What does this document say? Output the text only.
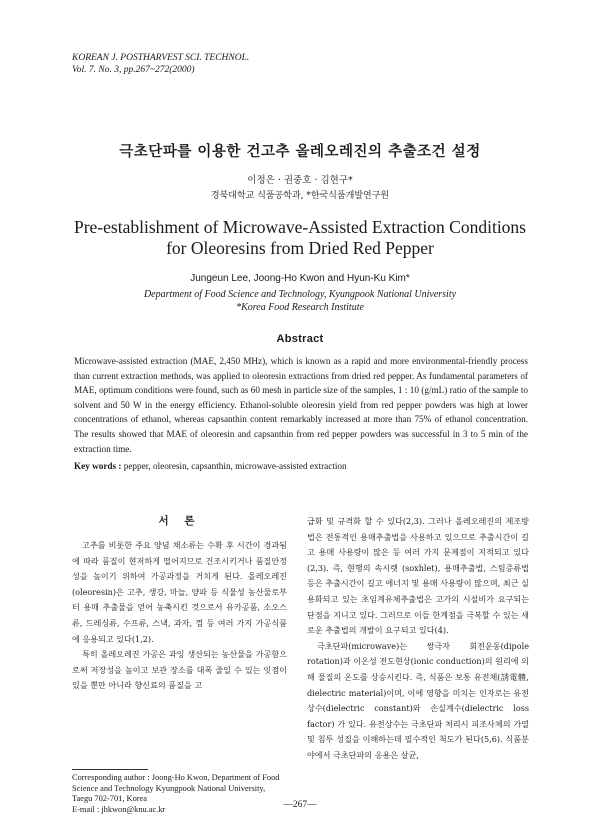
KOREAN J. POSTHARVEST SCI. TECHNOL.
Vol. 7. No. 3, pp.267~272(2000)
극초단파를 이용한 건고추 올레오레진의 추출조건 설정
이정은 · 권중호 · 김현구*
경북대학교 식품공학과, *한국식품개발연구원
Pre-establishment of Microwave-Assisted Extraction Conditions
for Oleoresins from Dried Red Pepper
Jungeun Lee, Joong-Ho Kwon and Hyun-Ku Kim*
Department of Food Science and Technology, Kyungpook National University
*Korea Food Research Institute
Abstract
Microwave-assisted extraction (MAE, 2,450 MHz), which is known as a rapid and more environmental-friendly process than current extraction methods, was applied to oleoresin extractions from dried red pepper. As fundamental parameters of MAE, optimum conditions were found, such as 60 mesh in particle size of the samples, 1 : 10 (g/mL) ratio of the sample to solvent and 50 W in the energy efficiency. Ethanol-soluble oleoresin yield from red pepper powders was high at lower concentrations of ethanol, whereas capsanthin content remarkably increased at more than 75% of ethanol concentration. The results showed that MAE of oleoresin and capsanthin from red pepper powders was successful in 3 to 5 min of the extraction time.
Key words : pepper, oleoresin, capsanthin, microwave-assisted extraction
서 론

고추를 비롯한 주요 양념 채소류는 수확 후 시간이 경과됨에 따라 품질이 현저하게 떨어지므로 건조시키거나 품질안정성을 높이기 위하여 가공과정을 거치게 된다. 올레오레진(oleoresin)은 고추, 생강, 마늘, 양파 등 식물성 농산물로부터 용매 추출물을 얻어 농축시킨 것으로서 유카공품, 소오스류, 드레싱류, 수프류, 스낵, 과자, 껌 등 여러 가지 가공식품에 응용되고 있다(1,2).

특히 올레오레진 가공은 과잉 생산되는 농산물을 가공함으로써 저장성을 높이고 보관 장소를 대폭 줄일 수 있는 잇점이 있을 뿐만 아니라 향신료의 품질을 고

급화 및 규격화 할 수 있다(2,3). 그러나 올레오레진의 제조방법은 전통적인 용매추출법을 사용하고 있으므로 추출시간이 길고 용매 사용량이 많은 등 여러 가지 문제점이 지적되고 있다(2,3). 즉, 현행의 속시렛 (soxhlet), 용매추출법, 스팀증류법 등은 추출시간이 길고 에너지 및 용매 사용량이 많으며, 최근 실용화되고 있는 초임계유체추출법은 고가의 시설비가 요구되는 단점을 지니고 있다. 그러므로 이들 한계점을 극복할 수 있는 새로운 추출법의 개발이 요구되고 있다(4).

극초단파(microwave)는 쌍극자 회전운동(dipole rotation)과 이온성 전도현상(ionic conduction)의 원리에 의해 물질의 온도를 상승시킨다. 즉, 식품은 보통 유전체(誘電體, dielectric material)이며, 이에 영향을 미치는 인자로는 유전상수(dielectric constant)와 손실계수(dielectric loss factor) 가 있다. 유전상수는 극초단파 처리시 피조사체의 가열 및 침투 성질을 이해하는데 필수적인 척도가 된다(5,6). 식품분야에서 극초단파의 응용은 살균,

Corresponding author : Joong-Ho Kwon, Department of Food Science and Technology Kyungpook National University, Taegu 702-701, Korea
E-mail : jhkwon@knu.ac.kr	—267—
